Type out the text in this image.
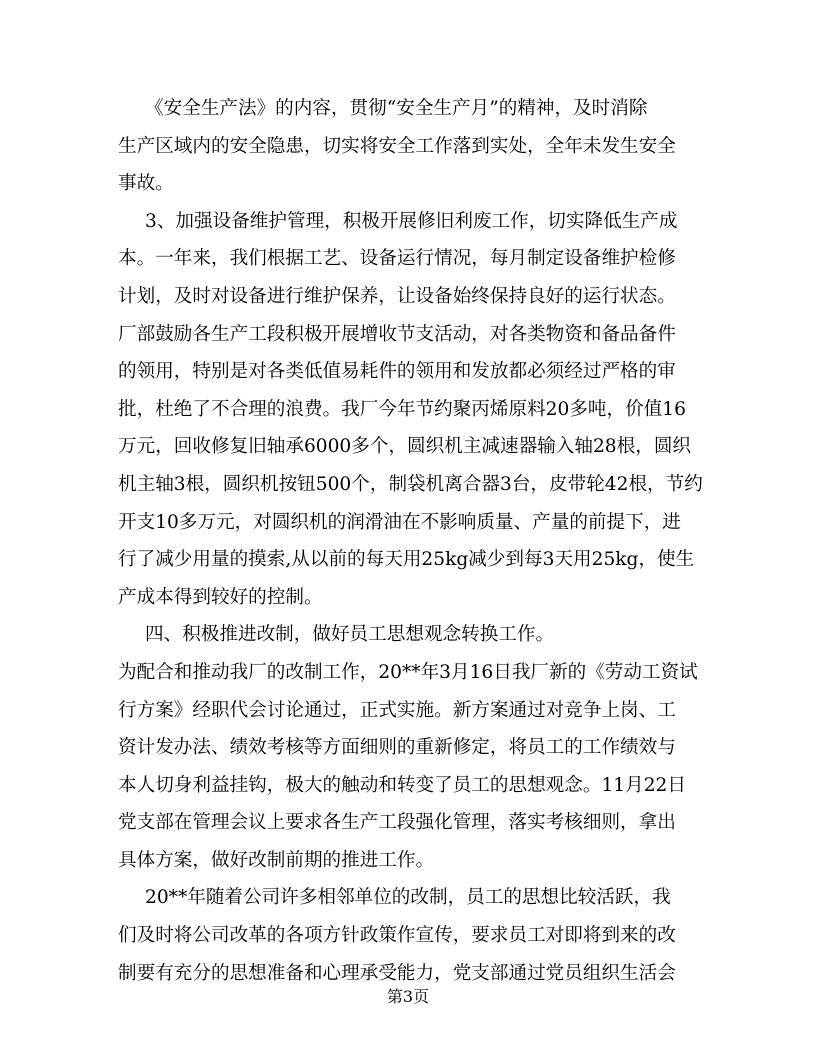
《安全生产法》的内容，贯彻“安全生产月”的精神，及时消除
生产区域内的安全隐患，切实将安全工作落到实处，全年未发生安全
事故。
3、加强设备维护管理，积极开展修旧利废工作，切实降低生产成
本。一年来，我们根据工艺、设备运行情况，每月制定设备维护检修
计划，及时对设备进行维护保养，让设备始终保持良好的运行状态。
厂部鼓励各生产工段积极开展增收节支活动，对各类物资和备品备件
的领用，特别是对各类低值易耗件的领用和发放都必须经过严格的审
批，杜绝了不合理的浪费。我厂今年节约聚丙烯原料20多吨，价值16
万元，回收修复旧轴承6000多个，圆织机主减速器输入轴28根，圆织
机主轴3根，圆织机按钮500个，制袋机离合器3台，皮带轮42根，节约
开支10多万元，对圆织机的润滑油在不影响质量、产量的前提下，进
行了减少用量的摸索,从以前的每天用25kg减少到每3天用25kg，使生
产成本得到较好的控制。
四、积极推进改制，做好员工思想观念转换工作。
为配合和推动我厂的改制工作，20**年3月16日我厂新的《劳动工资试
行方案》经职代会讨论通过，正式实施。新方案通过对竞争上岗、工
资计发办法、绩效考核等方面细则的重新修定，将员工的工作绩效与
本人切身利益挂钩，极大的触动和转变了员工的思想观念。11月22日
党支部在管理会议上要求各生产工段强化管理，落实考核细则，拿出
具体方案，做好改制前期的推进工作。
20**年随着公司许多相邻单位的改制，员工的思想比较活跃，我
们及时将公司改革的各项方针政策作宣传，要求员工对即将到来的改
制要有充分的思想准备和心理承受能力，党支部通过党员组织生活会
第3页
